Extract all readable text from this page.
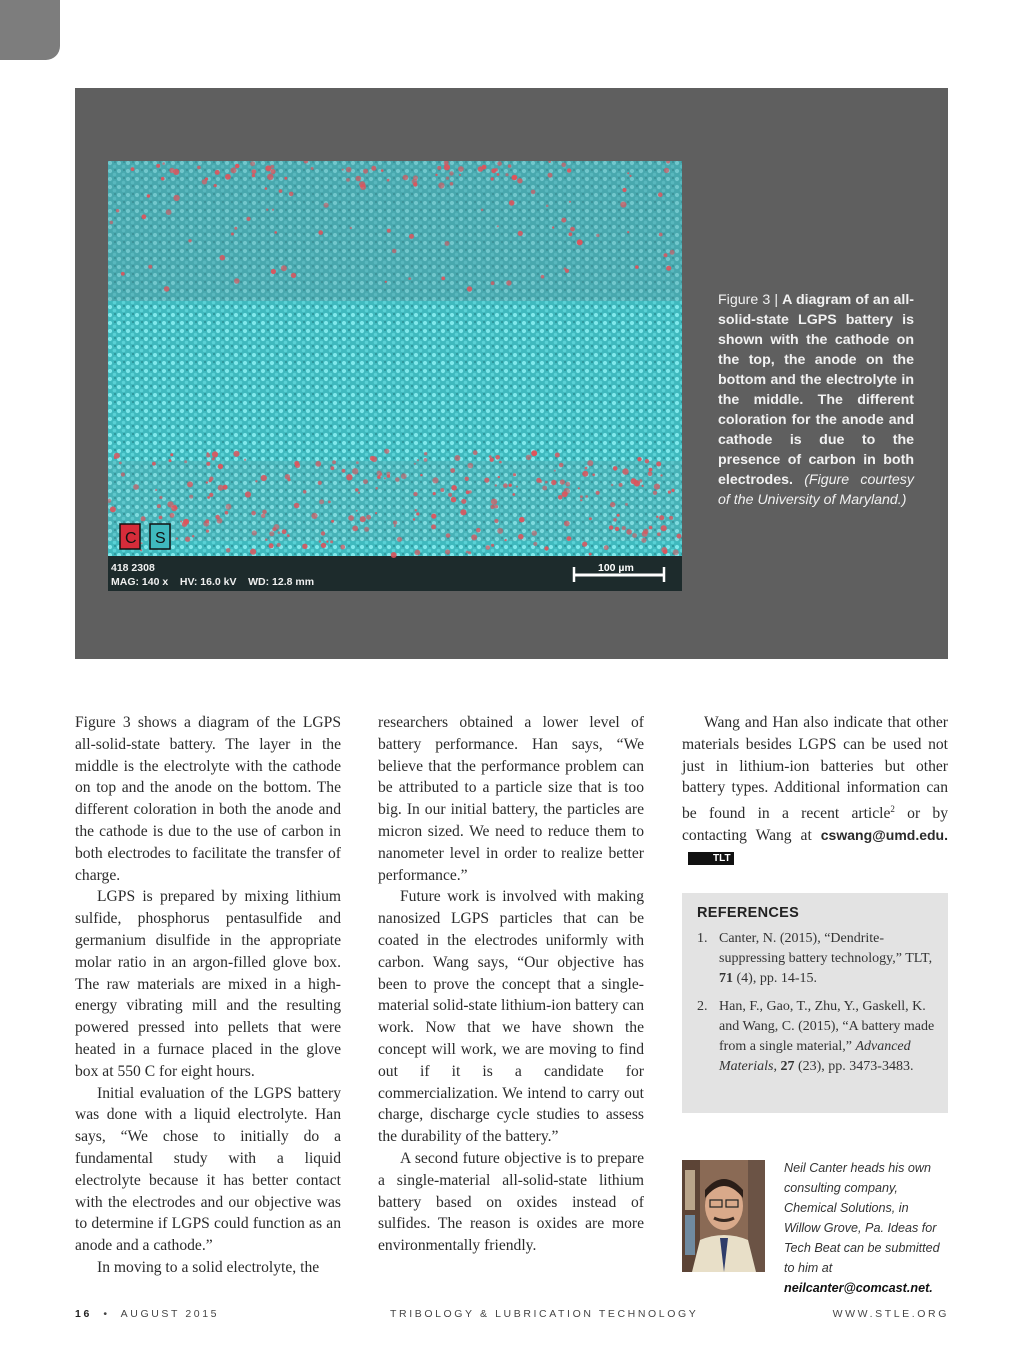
C S
418 2308
MAG: 140 x    HV: 16.0 kV    WD: 12.8 mm
100 µm
Figure 3 | A diagram of an all-solid-state LGPS battery is shown with the cathode on the top, the anode on the bottom and the electrolyte in the middle. The different coloration for the anode and cathode is due to the presence of carbon in both electrodes. (Figure courtesy of the University of Maryland.)

Figure 3 shows a diagram of the LGPS all-solid-state battery. The layer in the middle is the electrolyte with the cathode on top and the anode on the bottom. The different coloration in both the anode and the cathode is due to the use of carbon in both electrodes to facilitate the transfer of charge.

LGPS is prepared by mixing lithium sulfide, phosphorus pentasulfide and germanium disulfide in the appropriate molar ratio in an argon-filled glove box. The raw materials are mixed in a high-energy vibrating mill and the resulting powered pressed into pellets that were heated in a furnace placed in the glove box at 550 C for eight hours.

Initial evaluation of the LGPS battery was done with a liquid electrolyte. Han says, “We chose to initially do a fundamental study with a liquid electrolyte because it has better contact with the electrodes and our objective was to determine if LGPS could function as an anode and a cathode.”

In moving to a solid electrolyte, the

researchers obtained a lower level of battery performance. Han says, “We believe that the performance problem can be attributed to a particle size that is too big. In our initial battery, the particles are micron sized. We need to reduce them to nanometer level in order to realize better performance.”

Future work is involved with making nanosized LGPS particles that can be coated in the electrodes uniformly with carbon. Wang says, “Our objective has been to prove the concept that a single-material solid-state lithium-ion battery can work. Now that we have shown the concept will work, we are moving to find out if it is a candidate for commercialization. We intend to carry out charge, discharge cycle studies to assess the durability of the battery.”

A second future objective is to prepare a single-material all-solid-state lithium battery based on oxides instead of sulfides. The reason is oxides are more environmentally friendly.

Wang and Han also indicate that other materials besides LGPS can be used not just in lithium-ion batteries but other battery types. Additional information can be found in a recent article$^2$ or by contacting Wang at cswang@umd.edu.TLT

REFERENCES
1. Canter, N. (2015), “Dendrite-suppressing battery technology,” TLT, 71 (4), pp. 14-15.
2. Han, F., Gao, T., Zhu, Y., Gaskell, K. and Wang, C. (2015), “A battery made from a single material,” Advanced Materials, 27 (23), pp. 3473-3483.
Neil Canter heads his own consulting company, Chemical Solutions, in Willow Grove, Pa. Ideas for Tech Beat can be submitted to him at neilcanter@comcast.net.
16 • AUGUST 2015	TRIBOLOGY & LUBRICATION TECHNOLOGY	WWW.STLE.ORG
